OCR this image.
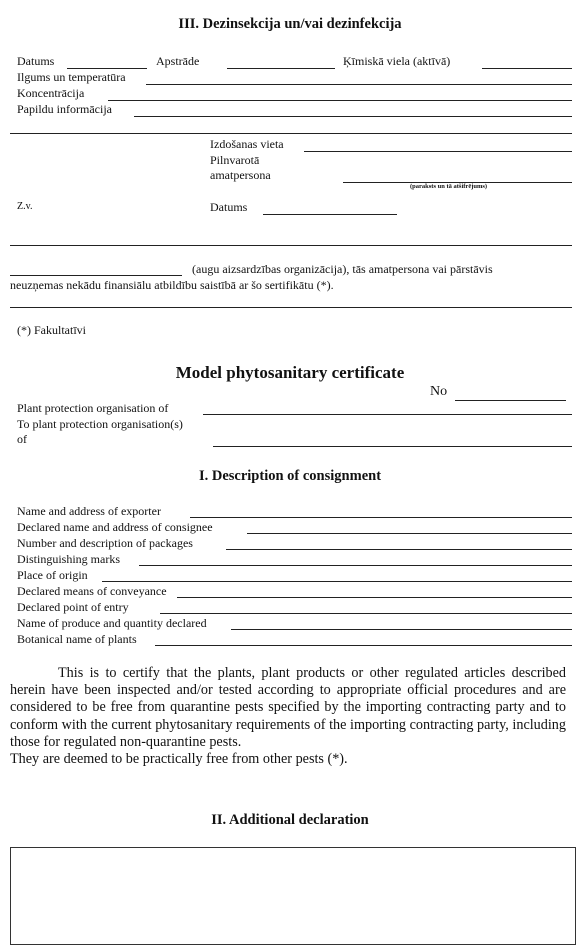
III. Dezinsekcija un/vai dezinfekcija
Datums	Apstrāde	Ķīmiskā viela (aktīvā)
Ilgums un temperatūra
Koncentrācija
Papildu informācija
Izdošanas vieta
Pilnvarotā
amatpersona
(paraksts un tā atšifrējums)
Z.v.	Datums
(augu aizsardzības organizācija), tās amatpersona vai pārstāvis
neuzņemas nekādu finansiālu atbildību saistībā ar šo sertifikātu (*).
(*) Fakultatīvi
Model phytosanitary certificate
No
Plant protection organisation of
To plant protection organisation(s)
of
I. Description of consignment
Name and address of exporter
Declared name and address of consignee
Number and description of packages
Distinguishing marks
Place of origin
Declared means of conveyance
Declared point of entry
Name of produce and quantity declared
Botanical name of plants

This is to certify that the plants, plant products or other regulated articles described herein have been inspected and/or tested according to appropriate official procedures and are considered to be free from quarantine pests specified by the importing contracting party and to conform with the current phytosanitary requirements of the importing contracting party, including those for regulated non-quarantine pests.

They are deemed to be practically free from other pests (*).

II. Additional declaration
